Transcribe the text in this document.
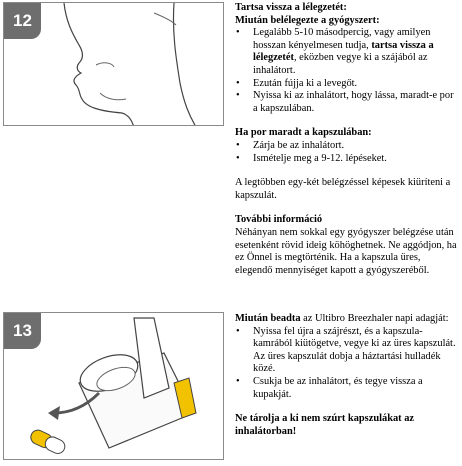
12
13

Tartsa vissza a lélegzetét:

Miután belélegezte a gyógyszert:

• Legalább 5-10 másodpercig, vagy amilyen hosszan kényelmesen tudja, tartsa vissza a lélegzetét, eközben vegye ki a szájából az inhalátort.
• Ezután fújja ki a levegőt.
• Nyissa ki az inhalátort, hogy lássa, maradt-e por a kapszulában.

Ha por maradt a kapszulában:

• Zárja be az inhalátort.
• Ismételje meg a 9-12. lépéseket.

A legtöbben egy-két belégzéssel képesek kiüríteni a kapszulát.

További információ

Néhányan nem sokkal egy gyógyszer belégzése után esetenként rövid ideig köhöghetnek. Ne aggódjon, ha ez Önnel is megtörténik. Ha a kapszula üres, elegendő mennyiséget kapott a gyógyszeréből.

Miután beadta az Ultibro Breezhaler napi adagját:

• Nyissa fel újra a szájrészt, és a kapszula-kamrából kiütögetve, vegye ki az üres kapszulát. Az üres kapszulát dobja a háztartási hulladék közé.
• Csukja be az inhalátort, és tegye vissza a kupakját.

Ne tárolja a ki nem szúrt kapszulákat az inhalátorban!
